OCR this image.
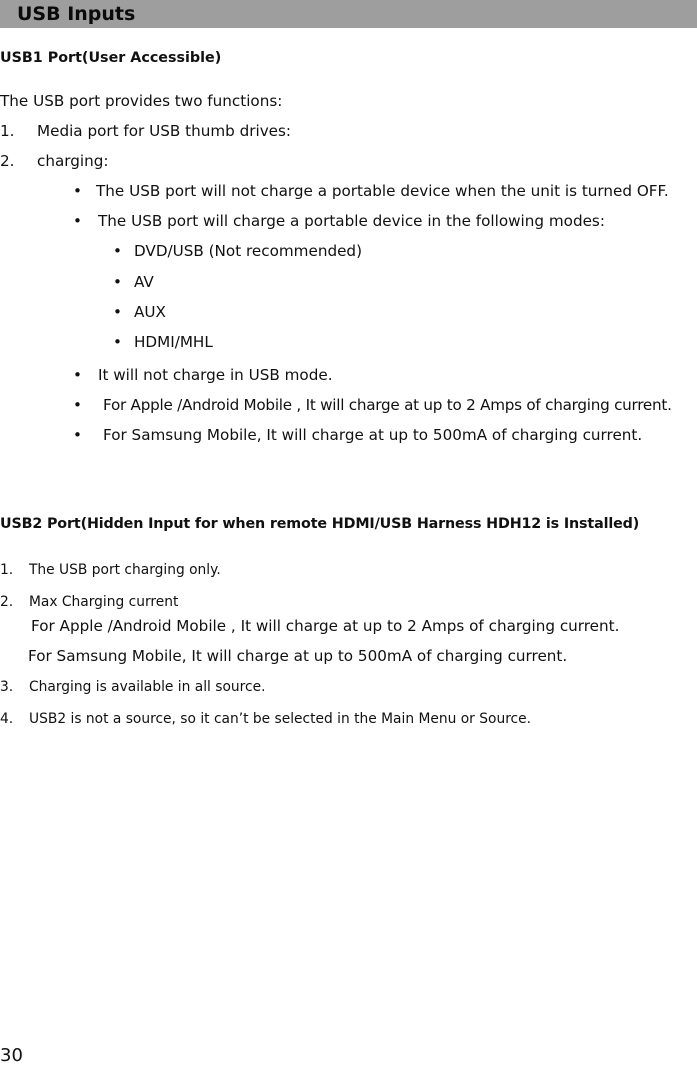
USB Inputs
USB1 Port(User Accessible)
The USB port provides two functions:
1. Media port for USB thumb drives:
2. charging:
• The USB port will not charge a portable device when the unit is turned OFF.
• The USB port will charge a portable device in the following modes:
• DVD/USB (Not recommended)
• AV
• AUX
• HDMI/MHL
• It will not charge in USB mode.
• For Apple /Android Mobile , It will charge at up to 2 Amps of charging current.
• For Samsung Mobile, It will charge at up to 500mA of charging current.
USB2 Port(Hidden Input for when remote HDMI/USB Harness HDH12 is Installed)
1. The USB port charging only.
2. Max Charging current
For Apple /Android Mobile , It will charge at up to 2 Amps of charging current.
For Samsung Mobile, It will charge at up to 500mA of charging current.
3. Charging is available in all source.
4. USB2 is not a source, so it can’t be selected in the Main Menu or Source.
30
